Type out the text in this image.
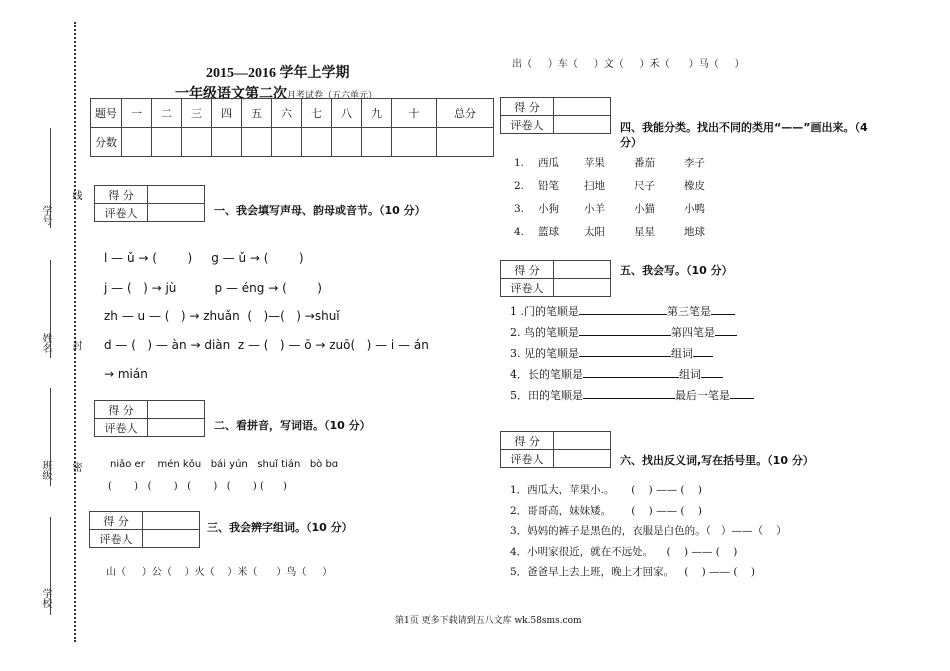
学号
姓名
班级
学校
线
封
密
2015—2016 学年上学期
一年级语文第二次月考试卷（五六单元）
题号	一	二	三	四	五	六	七	八	九	十	总分
分数											
得 分	
评卷人		一、我会填写声母、韵母或音节。（10 分）
l — ǔ → (        )     g — ǔ → (        )
j — (   ) → jù          p — éng → (        )
zh — u — (   ) → zhuǎn  (   )—(   ) →shuǐ
d — (   ) — àn → diàn  z — (   ) — ō → zuō(   ) — i — án
→ mián
得 分	
评卷人		二、看拼音，写词语。（10 分）
niǎo er    mén kǒu   bái yún   shuǐ tián   bò bɑ
(       )   (       )   (       )   (       ) (      )
得 分	
评卷人	
三、我会辨字组词。（10 分）
山（     ）公（    ）火（    ）米（      ）鸟（     ）
出（     ）车（     ）文（     ）禾（      ）马（     ）
得 分	
评卷人		四、我能分类。找出不同的类用“——”画出来。（4 分）
1. 西瓜 苹果	番茄	李子
2. 铅笔 扫地	尺子	橡皮
3. 小狗 小羊	小猫	小鸭
4. 篮球 太阳	星星	地球
得 分	
评卷人	
五、我会写。（10 分）
1 .门的笔顺是	第三笔是
2. 鸟的笔顺是	第四笔是
3. 见的笔顺是	组词
4．长的笔顺是	组词
5．田的笔顺是	最后一笔是
得 分	
评卷人		六、找出反义词,写在括号里。（10 分）
1．西瓜大，苹果小.。     (    ) —— (    )
2．哥哥高，妹妹矮。      (    ) —— (    )
3．妈妈的裤子是黑色的，衣服是白色的。（   ）——（    ）
4．小明家很近，就在不远处。    (    ) —— (    )
5．爸爸早上去上班，晚上才回家。   (    ) —— (    )
第1页 更多下载请到五八文库 wk.58sms.com
